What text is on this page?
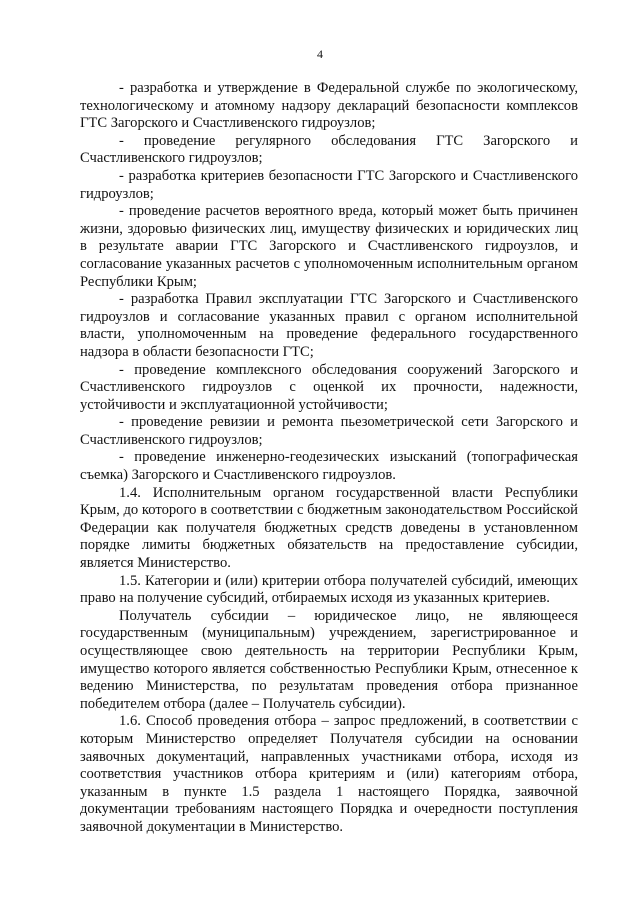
4

- разработка и утверждение в Федеральной службе по экологическому, технологическому и атомному надзору деклараций безопасности комплексов ГТС Загорского и Счастливенского гидроузлов;

- проведение регулярного обследования ГТС Загорского и Счастливенского гидроузлов;

- разработка критериев безопасности ГТС Загорского и Счастливенского гидроузлов;

- проведение расчетов вероятного вреда, который может быть причинен жизни, здоровью физических лиц, имуществу физических и юридических лиц в результате аварии ГТС Загорского и Счастливенского гидроузлов, и согласование указанных расчетов с уполномоченным исполнительным органом Республики Крым;

- разработка Правил эксплуатации ГТС Загорского и Счастливенского гидроузлов и согласование указанных правил с органом исполнительной власти, уполномоченным на проведение федерального государственного надзора в области безопасности ГТС;

- проведение комплексного обследования сооружений Загорского и Счастливенского гидроузлов с оценкой их прочности, надежности, устойчивости и эксплуатационной устойчивости;

- проведение ревизии и ремонта пьезометрической сети Загорского и Счастливенского гидроузлов;

- проведение инженерно-геодезических изысканий (топографическая съемка) Загорского и Счастливенского гидроузлов.

1.4. Исполнительным органом государственной власти Республики Крым, до которого в соответствии с бюджетным законодательством Российской Федерации как получателя бюджетных средств доведены в установленном порядке лимиты бюджетных обязательств на предоставление субсидии, является Министерство.

1.5. Категории и (или) критерии отбора получателей субсидий, имеющих право на получение субсидий, отбираемых исходя из указанных критериев.

Получатель субсидии – юридическое лицо, не являющееся государственным (муниципальным) учреждением, зарегистрированное и осуществляющее свою деятельность на территории Республики Крым, имущество которого является собственностью Республики Крым, отнесенное к ведению Министерства, по результатам проведения отбора признанное победителем отбора (далее – Получатель субсидии).

1.6. Способ проведения отбора – запрос предложений, в соответствии с которым Министерство определяет Получателя субсидии на основании заявочных документаций, направленных участниками отбора, исходя из соответствия участников отбора критериям и (или) категориям отбора, указанным в пункте 1.5 раздела 1 настоящего Порядка, заявочной документации требованиям настоящего Порядка и очередности поступления заявочной документации в Министерство.
